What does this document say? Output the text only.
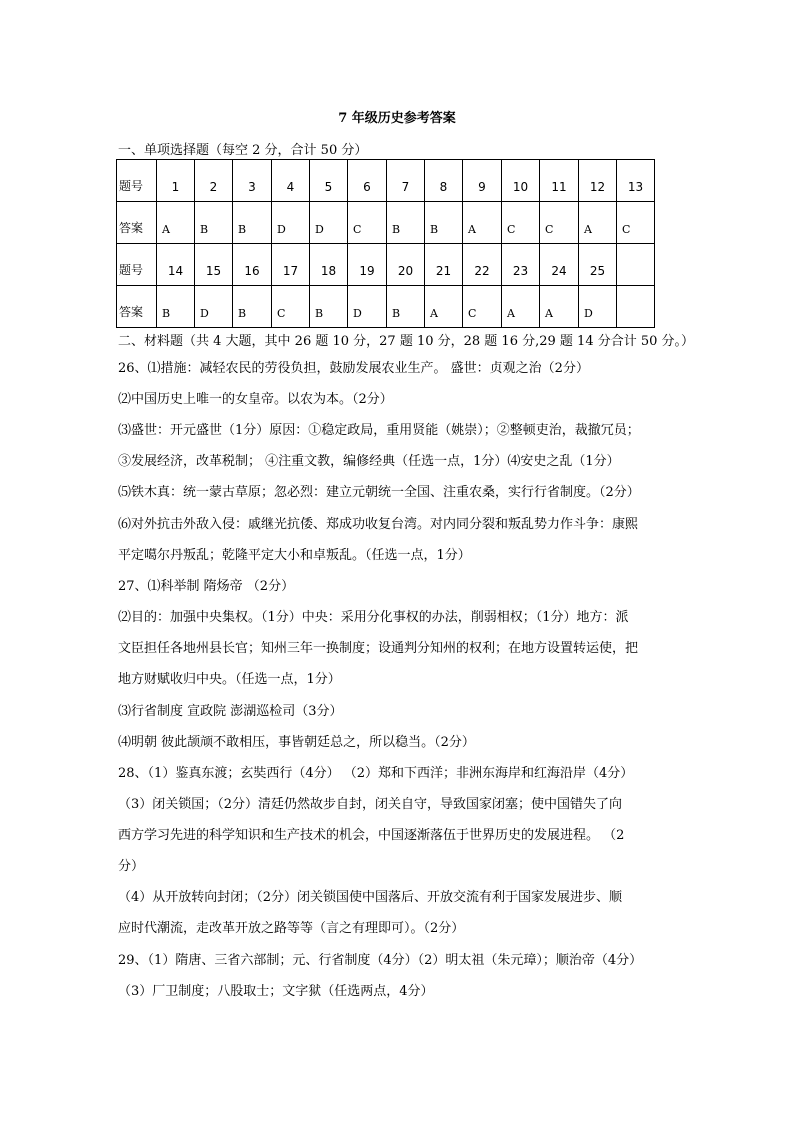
7 年级历史参考答案
一、单项选择题（每空 2 分，合计 50 分）
题号	1	2	3	4	5	6	7	8	9	10	11	12	13
答案	A	B	B	D	D	C	B	B	A	C	C	A	C
题号	14	15	16	17	18	19	20	21	22	23	24	25	
答案	B	D	B	C	B	D	B	A	C	A	A	D	
二、材料题（共 4 大题，其中 26 题 10 分，27 题 10 分，28 题 16 分,29 题 14 分合计 50 分。）
26、⑴措施：减轻农民的劳役负担，鼓励发展农业生产。 盛世：贞观之治（2分）
⑵中国历史上唯一的女皇帝。以农为本。（2分）
⑶盛世：开元盛世（1分）原因：①稳定政局，重用贤能（姚崇）；②整顿吏治，裁撤冗员；
③发展经济，改革税制； ④注重文教，编修经典（任选一点，1分）⑷安史之乱（1分）
⑸铁木真：统一蒙古草原；忽必烈：建立元朝统一全国、注重农桑，实行行省制度。（2分）
⑹对外抗击外敌入侵：戚继光抗倭、郑成功收复台湾。对内同分裂和叛乱势力作斗争：康熙
平定噶尔丹叛乱；乾隆平定大小和卓叛乱。（任选一点，1分）
27、⑴科举制 隋炀帝 （2分）
⑵目的：加强中央集权。（1分）中央：采用分化事权的办法，削弱相权；（1分）地方：派
文臣担任各地州县长官；知州三年一换制度；设通判分知州的权利；在地方设置转运使，把
地方财赋收归中央。（任选一点，1分）
⑶行省制度 宣政院 澎湖巡检司（3分）
⑷明朝 彼此颉颃不敢相压，事皆朝廷总之，所以稳当。（2分）
28、（1）鉴真东渡；玄奘西行（4分） （2）郑和下西洋；非洲东海岸和红海沿岸（4分）
（3）闭关锁国；（2分）清廷仍然故步自封，闭关自守，导致国家闭塞；使中国错失了向
西方学习先进的科学知识和生产技术的机会，中国逐渐落伍于世界历史的发展进程。 （2
分）
（4）从开放转向封闭；（2分）闭关锁国使中国落后、开放交流有利于国家发展进步、顺
应时代潮流，走改革开放之路等等（言之有理即可）。（2分）
29、（1）隋唐、三省六部制；元、行省制度（4分）（2）明太祖（朱元璋）；顺治帝（4分）
（3）厂卫制度；八股取士；文字狱（任选两点，4分）
